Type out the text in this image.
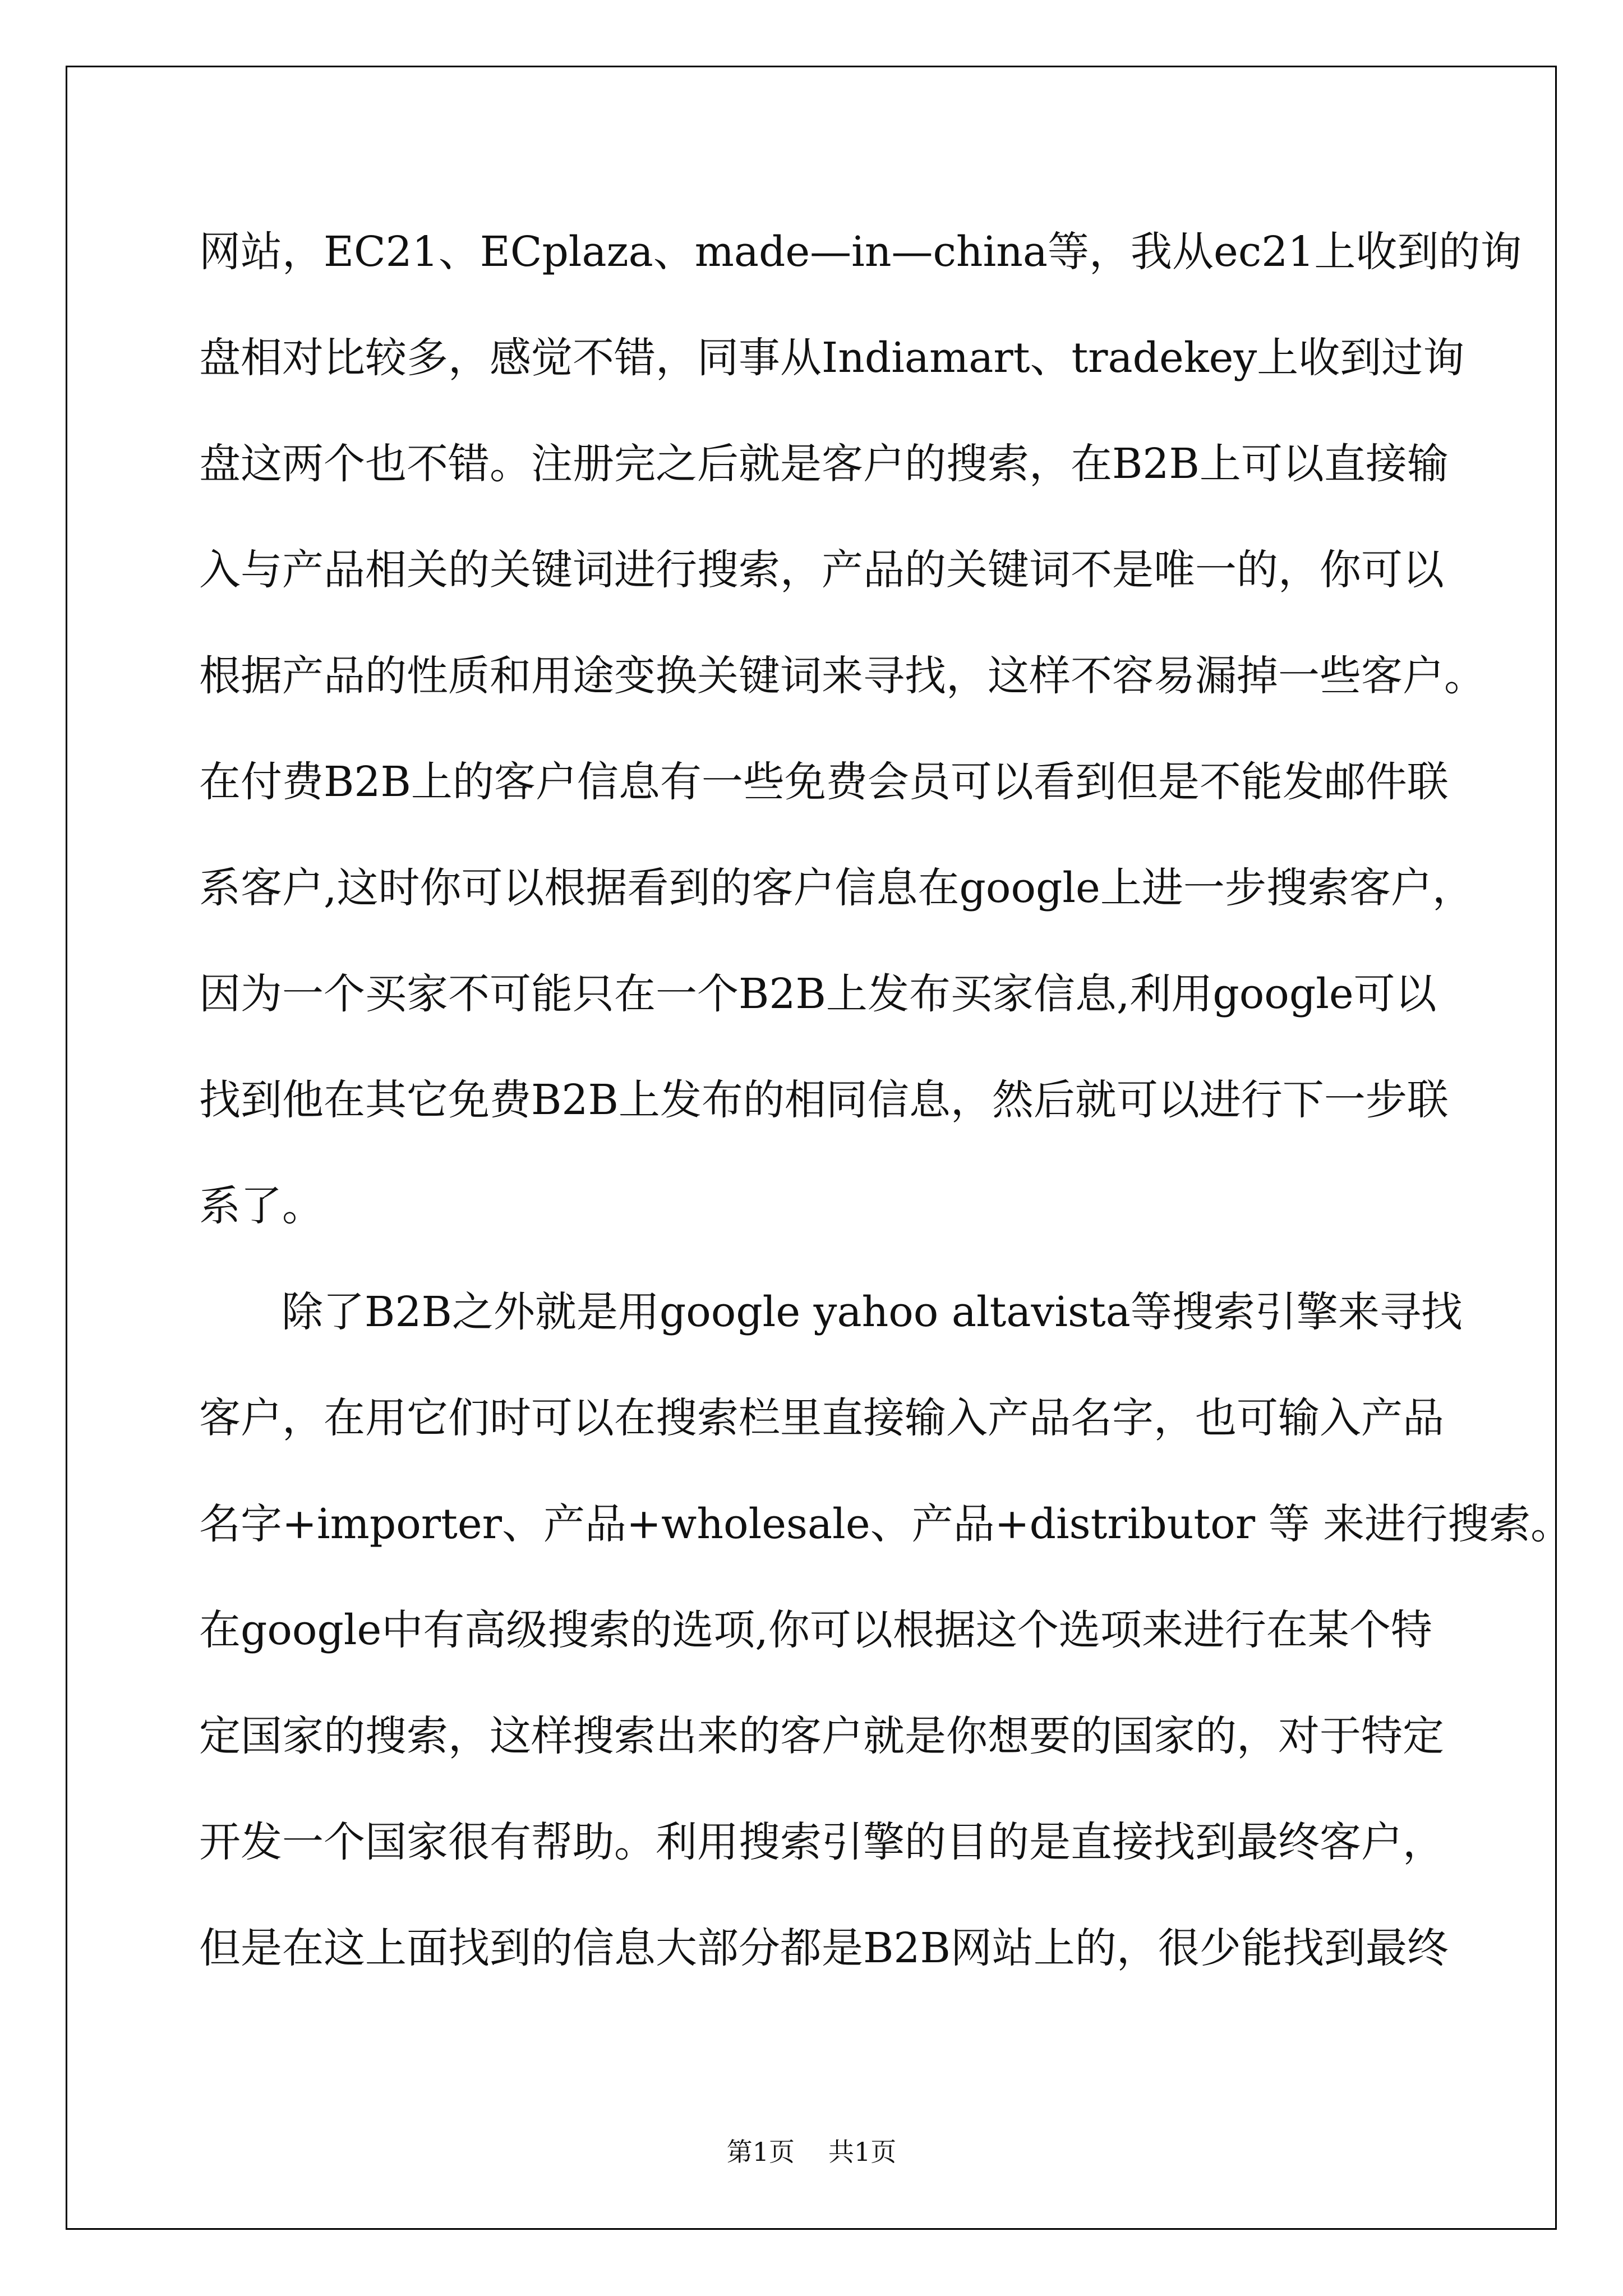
网站，EC21、ECplaza、made—in—china等，我从ec21上收到的询
盘相对比较多，感觉不错，同事从Indiamart、tradekey上收到过询
盘这两个也不错。注册完之后就是客户的搜索，在B2B上可以直接输
入与产品相关的关键词进行搜索，产品的关键词不是唯一的，你可以
根据产品的性质和用途变换关键词来寻找，这样不容易漏掉一些客户。
在付费B2B上的客户信息有一些免费会员可以看到但是不能发邮件联
系客户,这时你可以根据看到的客户信息在google上进一步搜索客户，
因为一个买家不可能只在一个B2B上发布买家信息,利用google可以
找到他在其它免费B2B上发布的相同信息，然后就可以进行下一步联
系了。
除了B2B之外就是用google yahoo altavista等搜索引擎来寻找
客户，在用它们时可以在搜索栏里直接输入产品名字，也可输入产品
名字+importer、产品+wholesale、产品+distributor 等 来进行搜索。
在google中有高级搜索的选项,你可以根据这个选项来进行在某个特
定国家的搜索，这样搜索出来的客户就是你想要的国家的，对于特定
开发一个国家很有帮助。利用搜索引擎的目的是直接找到最终客户，
但是在这上面找到的信息大部分都是B2B网站上的，很少能找到最终
第1页 共1页
